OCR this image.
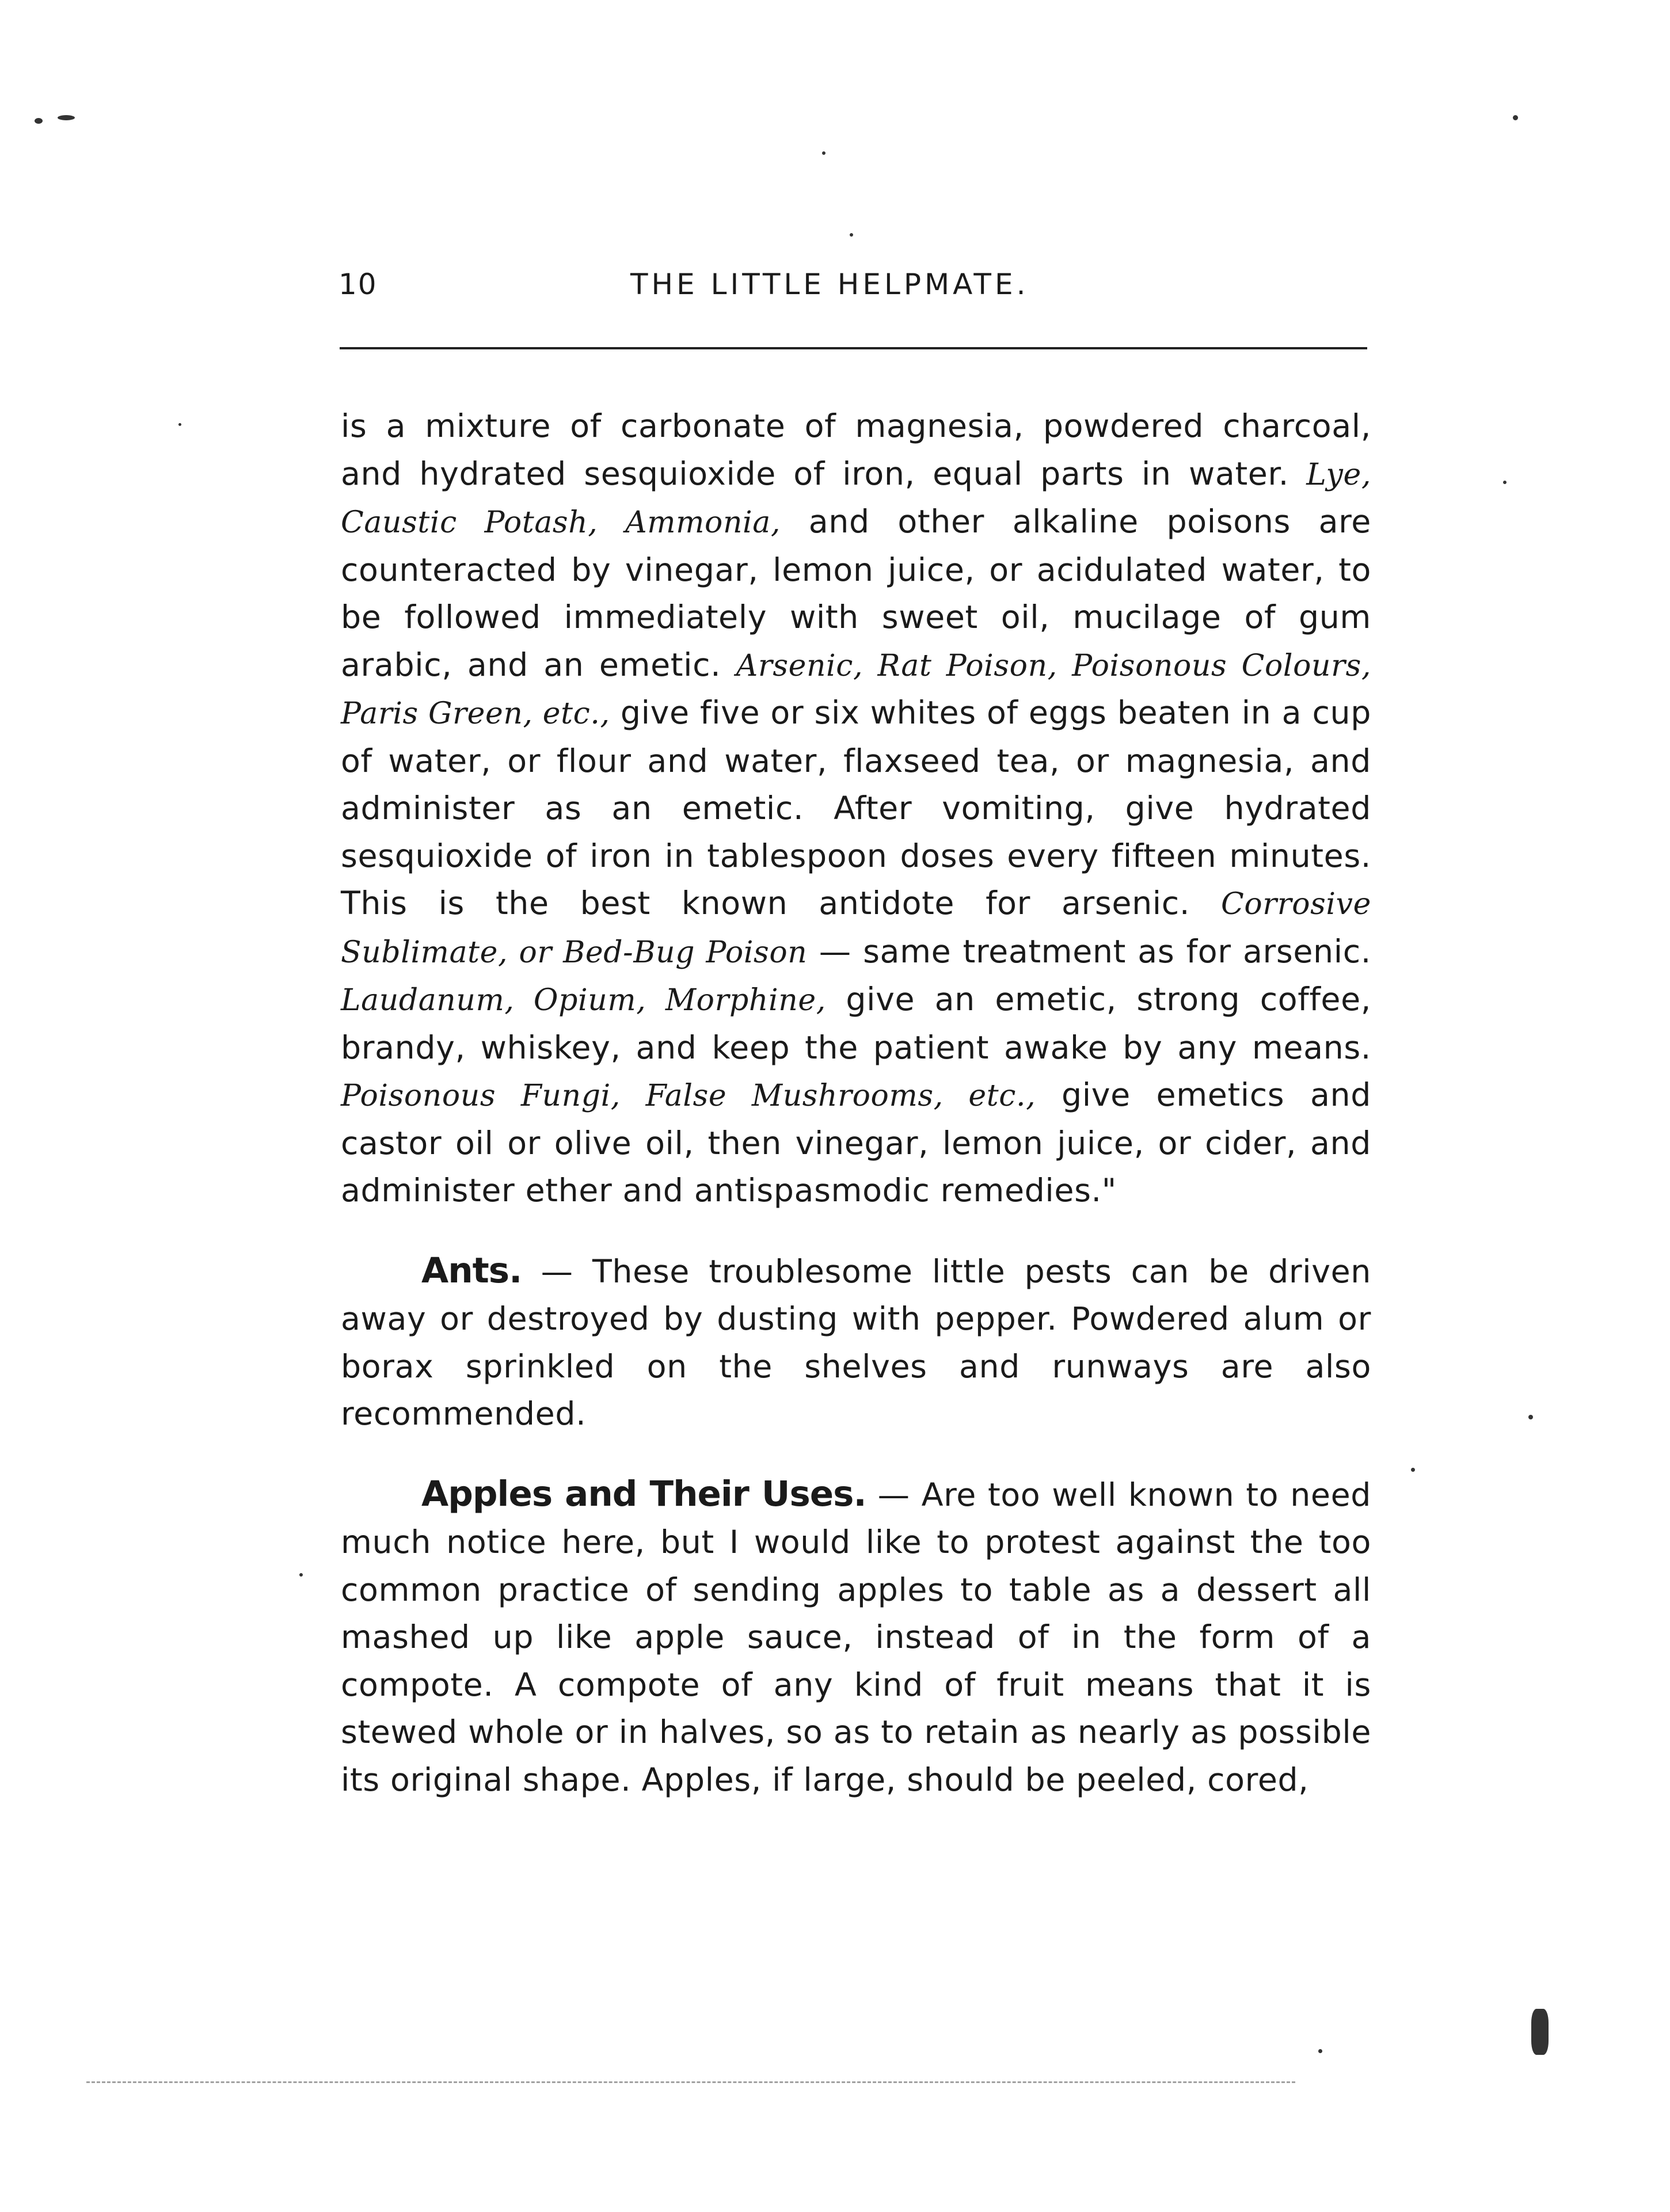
10	THE LITTLE HELPMATE.

is a mixture of carbonate of magnesia, powdered charcoal, and hydrated sesquioxide of iron, equal parts in water. Lye, Caustic Potash, Ammonia, and other alkaline poisons are counteracted by vinegar, lemon juice, or acidulated water, to be followed immediately with sweet oil, mucilage of gum arabic, and an emetic. Arsenic, Rat Poison, Poisonous Colours, Paris Green, etc., give five or six whites of eggs beaten in a cup of water, or flour and water, flaxseed tea, or magnesia, and administer as an emetic. After vomiting, give hydrated sesquioxide of iron in tablespoon doses every fifteen minutes. This is the best known antidote for arsenic. Corrosive Sublimate, or Bed-Bug Poison — same treatment as for arsenic. Laudanum, Opium, Morphine, give an emetic, strong coffee, brandy, whiskey, and keep the patient awake by any means. Poisonous Fungi, False Mushrooms, etc., give emetics and castor oil or olive oil, then vinegar, lemon juice, or cider, and administer ether and antispasmodic remedies."

Ants. — These troublesome little pests can be driven away or destroyed by dusting with pepper. Powdered alum or borax sprinkled on the shelves and runways are also recommended.

Apples and Their Uses. — Are too well known to need much notice here, but I would like to protest against the too common practice of sending apples to table as a dessert all mashed up like apple sauce, instead of in the form of a compote. A compote of any kind of fruit means that it is stewed whole or in halves, so as to retain as nearly as possible its original shape. Apples, if large, should be peeled, cored,
